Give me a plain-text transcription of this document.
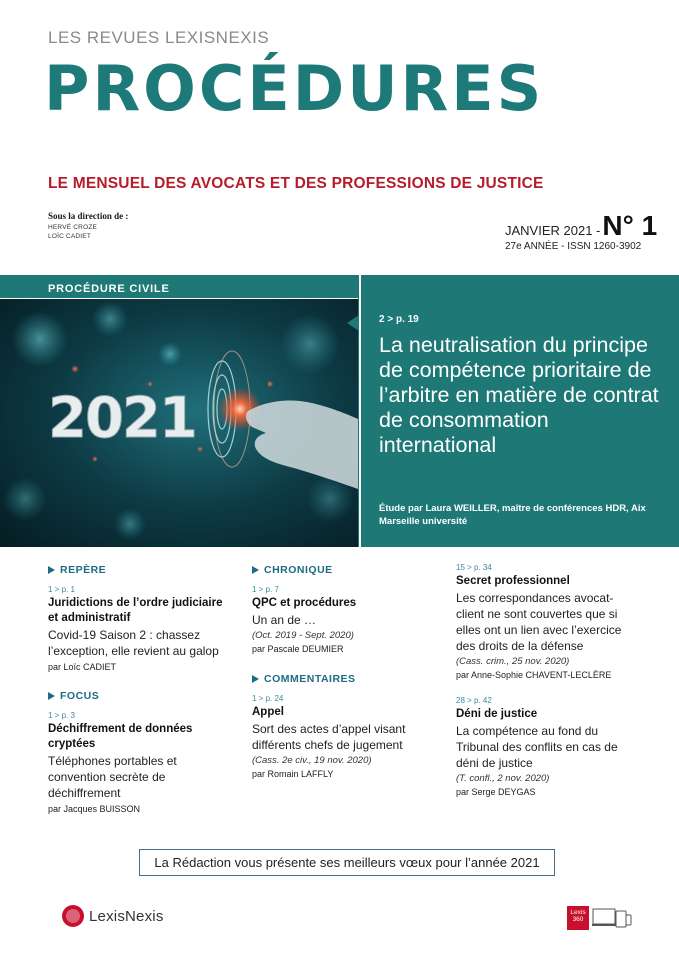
LES REVUES LEXISNEXIS
PROCÉDURES
LE MENSUEL DES AVOCATS ET DES PROFESSIONS DE JUSTICE
Sous la direction de :
HERVÉ CROZE
LOÏC CADIET	JANVIER 2021 - N° 1
27e ANNÉE - ISSN 1260-3902
PROCÉDURE CIVILE
2021
2 > p. 19
La neutralisation du principe de compétence prioritaire de l’arbitre en matière de contrat de consommation international
Étude par Laura WEILLER, maître de conférences HDR, Aix Marseille université
REPÈRE
1 > p. 1
Juridictions de l’ordre judiciaire et administratif
Covid-19 Saison 2 : chassez l’exception, elle revient au galop
par Loïc CADIET
FOCUS
1 > p. 3
Déchiffrement de données cryptées
Téléphones portables et convention secrète de déchiffrement
par Jacques BUISSON
CHRONIQUE
1 > p. 7
QPC et procédures
Un an de …
(Oct. 2019 - Sept. 2020)
par Pascale DEUMIER
COMMENTAIRES
1 > p. 24
Appel
Sort des actes d’appel visant différents chefs de jugement
(Cass. 2e civ., 19 nov. 2020)
par Romain LAFFLY
15 > p. 34
Secret professionnel
Les correspondances avocat-client ne sont couvertes que si elles ont un lien avec l’exercice des droits de la défense
(Cass. crim., 25 nov. 2020)
par Anne-Sophie CHAVENT-LECLÈRE
28 > p. 42
Déni de justice
La compétence au fond du Tribunal des conflits en cas de déni de justice
(T. confl., 2 nov. 2020)
par Serge DEYGAS
La Rédaction vous présente ses meilleurs vœux pour l’année 2021
LexisNexis	Lexis 360
